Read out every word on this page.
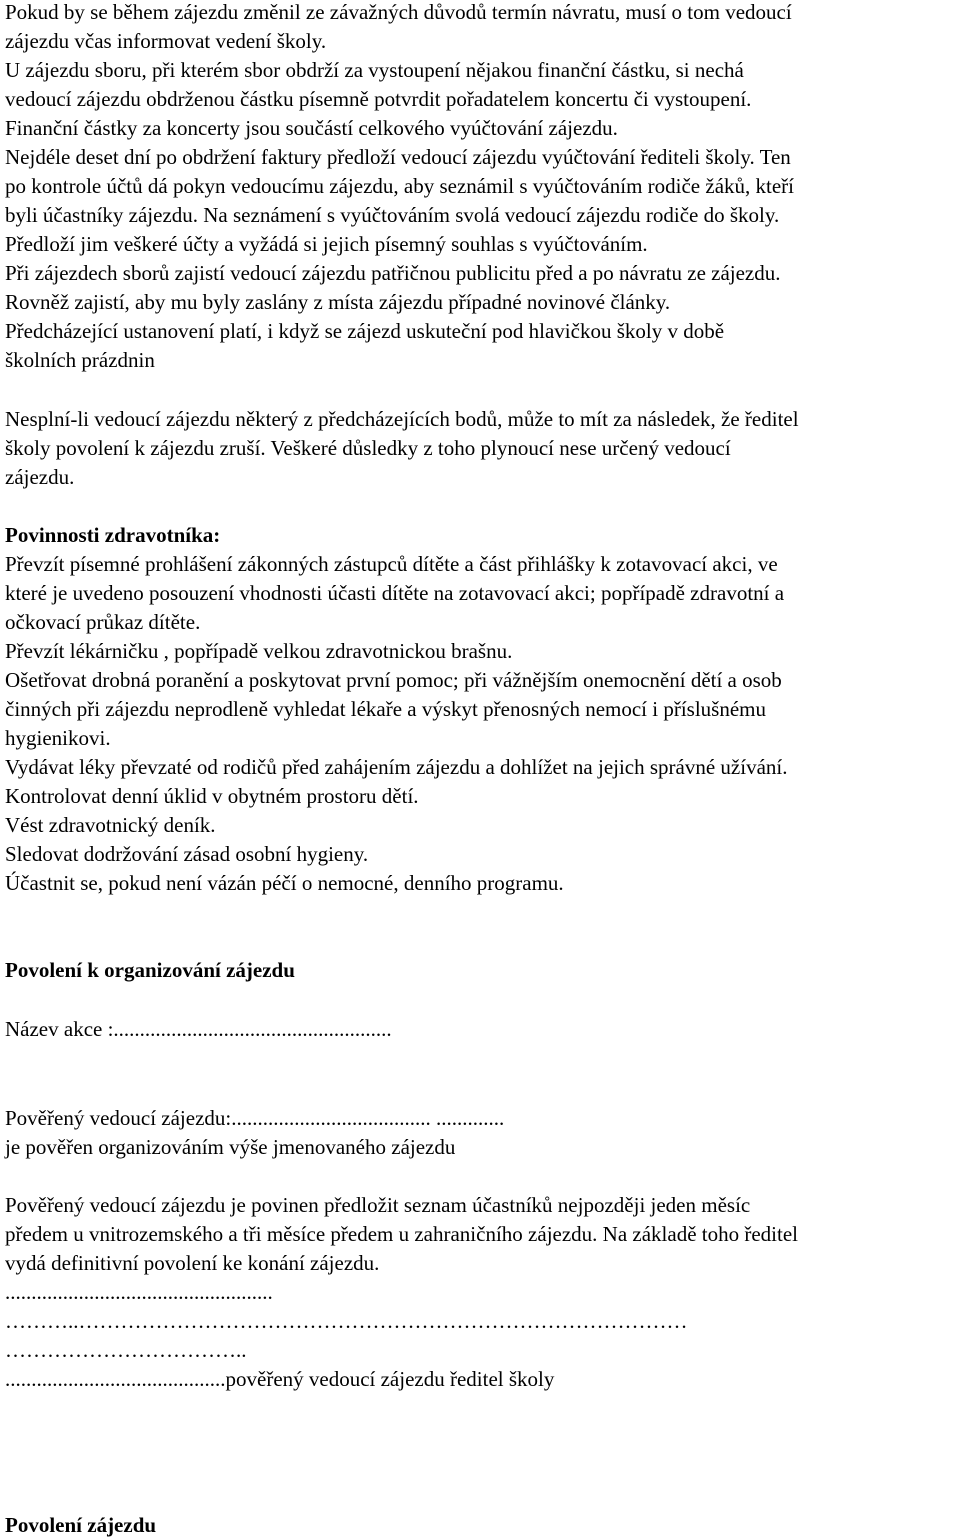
Pokud by se během zájezdu změnil ze závažných důvodů termín návratu, musí o tom vedoucí
zájezdu včas informovat vedení školy.
U zájezdu sboru, při kterém sbor obdrží za vystoupení nějakou finanční částku, si nechá
vedoucí zájezdu obdrženou částku písemně potvrdit pořadatelem koncertu či vystoupení.
Finanční částky za koncerty jsou součástí celkového vyúčtování zájezdu.
Nejdéle deset dní po obdržení faktury předloží vedoucí zájezdu vyúčtování řediteli školy. Ten
po kontrole účtů dá pokyn vedoucímu zájezdu, aby seznámil s vyúčtováním rodiče žáků, kteří
byli účastníky zájezdu. Na seznámení s vyúčtováním svolá vedoucí zájezdu rodiče do školy.
Předloží jim veškeré účty a vyžádá si jejich písemný souhlas s vyúčtováním.
Při zájezdech sborů zajistí vedoucí zájezdu patřičnou publicitu před a po návratu ze zájezdu.
Rovněž zajistí, aby mu byly zaslány z místa zájezdu případné novinové články.
Předcházející ustanovení platí, i když se zájezd uskuteční pod hlavičkou školy v době
školních prázdnin
Nesplní-li vedoucí zájezdu některý z předcházejících bodů, může to mít za následek, že ředitel
školy povolení k zájezdu zruší. Veškeré důsledky z toho plynoucí nese určený vedoucí
zájezdu.
Povinnosti zdravotníka:
Převzít písemné prohlášení zákonných zástupců dítěte a část přihlášky k zotavovací akci, ve
které je uvedeno posouzení vhodnosti účasti dítěte na zotavovací akci; popřípadě zdravotní a
očkovací průkaz dítěte.
Převzít lékárničku , popřípadě velkou zdravotnickou brašnu.
Ošetřovat drobná poranění a poskytovat první pomoc; při vážnějším onemocnění dětí a osob
činných při zájezdu neprodleně vyhledat lékaře a výskyt přenosných nemocí i příslušnému
hygienikovi.
Vydávat léky převzaté od rodičů před zahájením zájezdu a dohlížet na jejich správné užívání.
Kontrolovat denní úklid v obytném prostoru dětí.
Vést zdravotnický deník.
Sledovat dodržování zásad osobní hygieny.
Účastnit se, pokud není vázán péčí o nemocné, denního programu.
Povolení k organizování zájezdu
Název akce :.....................................................
Pověřený vedoucí zájezdu:...................................... .............
je pověřen organizováním výše jmenovaného zájezdu
Pověřený vedoucí zájezdu je povinen předložit seznam účastníků nejpozději jeden měsíc
předem u vnitrozemského a tři měsíce předem u zahraničního zájezdu. Na základě toho ředitel
vydá definitivní povolení ke konání zájezdu.
...................................................
………..……………………………………………………………………………
……………………………..
..........................................pověřený vedoucí zájezdu ředitel školy
Povolení zájezdu
